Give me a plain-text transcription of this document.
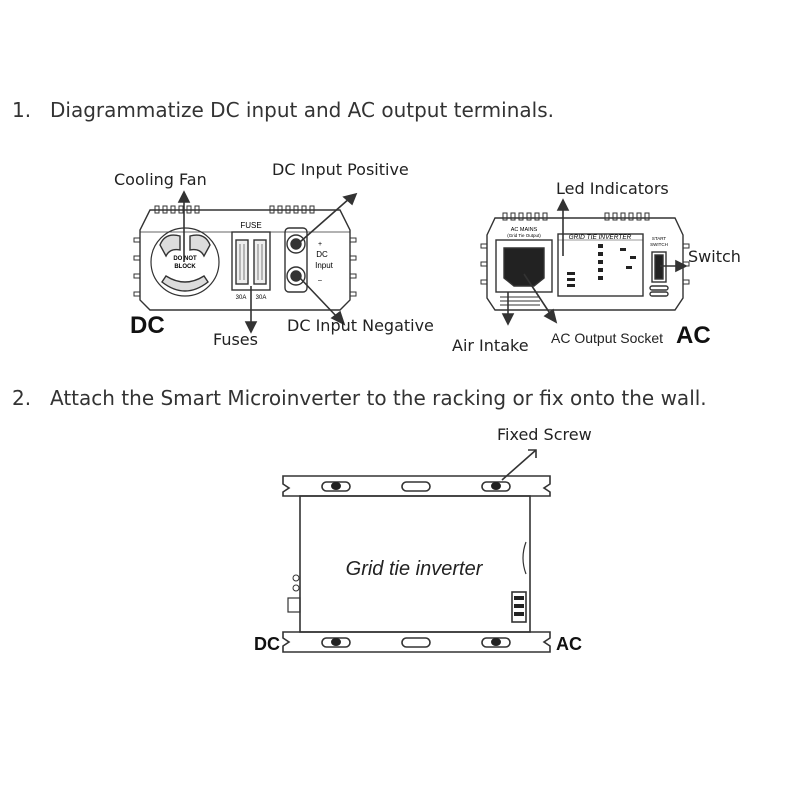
1. Diagrammatize DC input and AC output terminals.
2. Attach the Smart Microinverter to the racking or fix onto the wall.
DO NOT
BLOCK
FUSE
30A 30A
+
DC
Input
–
AC MAINS
(Grid Tie Output)	GRID TIE INVERTER	START
SWITCH
Grid tie inverter
Cooling Fan
DC Input Positive
DC Input Negative
Fuses
DC
Led Indicators
Switch
Air Intake AC Output Socket AC
Fixed Screw
DC	AC
